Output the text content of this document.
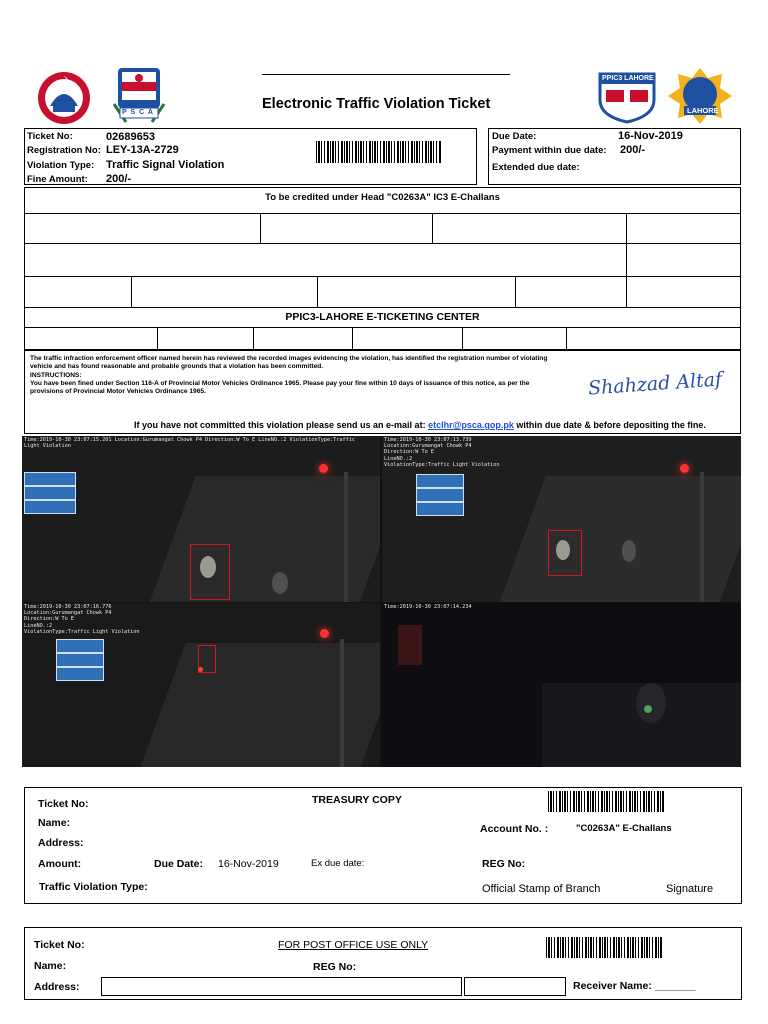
P S C A
Electronic Traffic Violation Ticket
PPIC3 LAHORE
LAHORE
Ticket No:	02689653
Registration No: LEY-13A-2729
Violation Type: Traffic Signal Violation
Fine Amount: 200/-
Due Date:	16-Nov-2019
Payment within due date: 200/-
Extended due date:
To be credited under Head "C0263A" IC3 E-Challans
PPIC3-LAHORE E-TICKETING CENTER
The traffic infraction enforcement officer named herein has reviewed the recorded images evidencing the violation, has identified the registration number of violating vehicle and has found reasonable and probable grounds that a violation has been committed.
INSTRUCTIONS:
You have been fined under Section 116-A of Provincial Motor Vehicles Ordinance 1965. Please pay your fine within 10 days of issuance of this notice, as per the provisions of Provincial Motor Vehicles Ordinance 1965.	Shahzad Altaf
If you have not committed this violation please send us an e-mail at: etclhr@psca.gop.pk within due date & before depositing the fine.
Time:2019-10-30 23:07:15.201 Location:Gurumangat Chowk P4 Direction:W To E LineNO.:2 ViolationType:Traffic Light Violation
Time:2019-10-30 23:07:13.739
Location:Gurumangat Chowk P4
Direction:W To E
LineNO.:2
ViolationType:Traffic Light Violation
Time:2019-10-30 23:07:16.776
Location:Gurumangat Chowk P4
Direction:W To E
LineNO.:2
ViolationType:Traffic Light Violation
Time:2019-10-30 23:07:14.234
Ticket No:	TREASURY COPY
Name:	Account No. :	"C0263A" E-Challans
Address:
Amount:	Due Date: 16-Nov-2019	Ex due date:	REG No:
Traffic Violation Type:	Official Stamp of Branch	Signature
Ticket No:	FOR POST OFFICE USE ONLY
Name:	REG No:
Address:	Receiver Name: _______
